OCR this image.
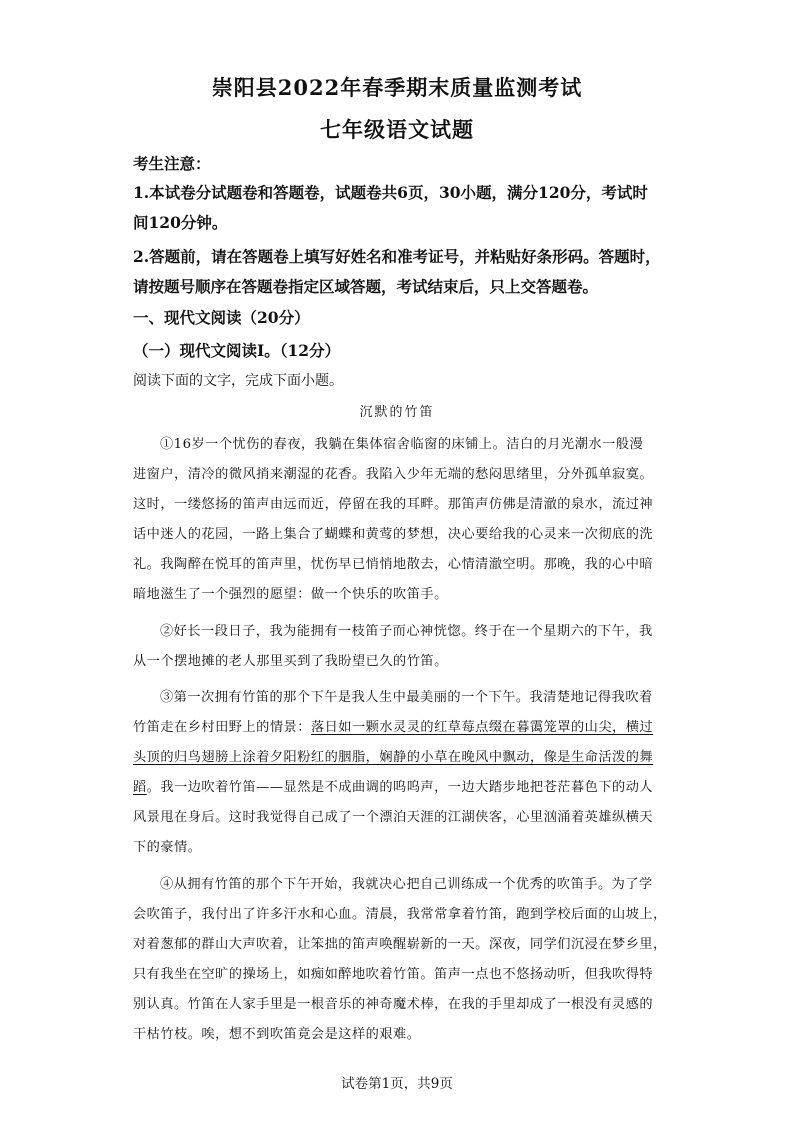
崇阳县2022年春季期末质量监测考试
七年级语文试题
考生注意：
1.本试卷分试题卷和答题卷，试题卷共6页，30小题，满分120分，考试时
间120分钟。
2.答题前，请在答题卷上填写好姓名和准考证号，并粘贴好条形码。答题时，
请按题号顺序在答题卷指定区域答题，考试结束后，只上交答题卷。
一、现代文阅读（20分）
（一）现代文阅读Ⅰ。（12分）
阅读下面的文字，完成下面小题。
沉默的竹笛
①16岁一个忧伤的春夜，我躺在集体宿舍临窗的床铺上。洁白的月光潮水一般漫
进窗户，清冷的微风捎来潮湿的花香。我陷入少年无端的愁闷思绪里，分外孤单寂寞。
这时，一缕悠扬的笛声由远而近，停留在我的耳畔。那笛声仿佛是清澈的泉水，流过神
话中迷人的花园，一路上集合了蝴蝶和黄莺的梦想，决心要给我的心灵来一次彻底的洗
礼。我陶醉在悦耳的笛声里，忧伤早已悄悄地散去，心情清澈空明。那晚，我的心中暗
暗地滋生了一个强烈的愿望：做一个快乐的吹笛手。
②好长一段日子，我为能拥有一枝笛子而心神恍惚。终于在一个星期六的下午，我
从一个摆地摊的老人那里买到了我盼望已久的竹笛。
③第一次拥有竹笛的那个下午是我人生中最美丽的一个下午。我清楚地记得我吹着
竹笛走在乡村田野上的情景：落日如一颗水灵灵的红草莓点缀在暮霭笼罩的山尖，横过
头顶的归鸟翅膀上涂着夕阳粉红的胭脂，娴静的小草在晚风中飘动，像是生命活泼的舞
蹈。我一边吹着竹笛——显然是不成曲调的呜呜声，一边大踏步地把苍茫暮色下的动人
风景甩在身后。这时我觉得自己成了一个漂泊天涯的江湖侠客，心里汹涌着英雄纵横天
下的豪情。
④从拥有竹笛的那个下午开始，我就决心把自己训练成一个优秀的吹笛手。为了学
会吹笛子，我付出了许多汗水和心血。清晨，我常常拿着竹笛，跑到学校后面的山坡上，
对着葱郁的群山大声吹着，让笨拙的笛声唤醒崭新的一天。深夜，同学们沉浸在梦乡里，
只有我坐在空旷的操场上，如痴如醉地吹着竹笛。笛声一点也不悠扬动听，但我吹得特
别认真。竹笛在人家手里是一根音乐的神奇魔术棒，在我的手里却成了一根没有灵感的
干枯竹枝。唉，想不到吹笛竟会是这样的艰难。
试卷第1页，共9页
